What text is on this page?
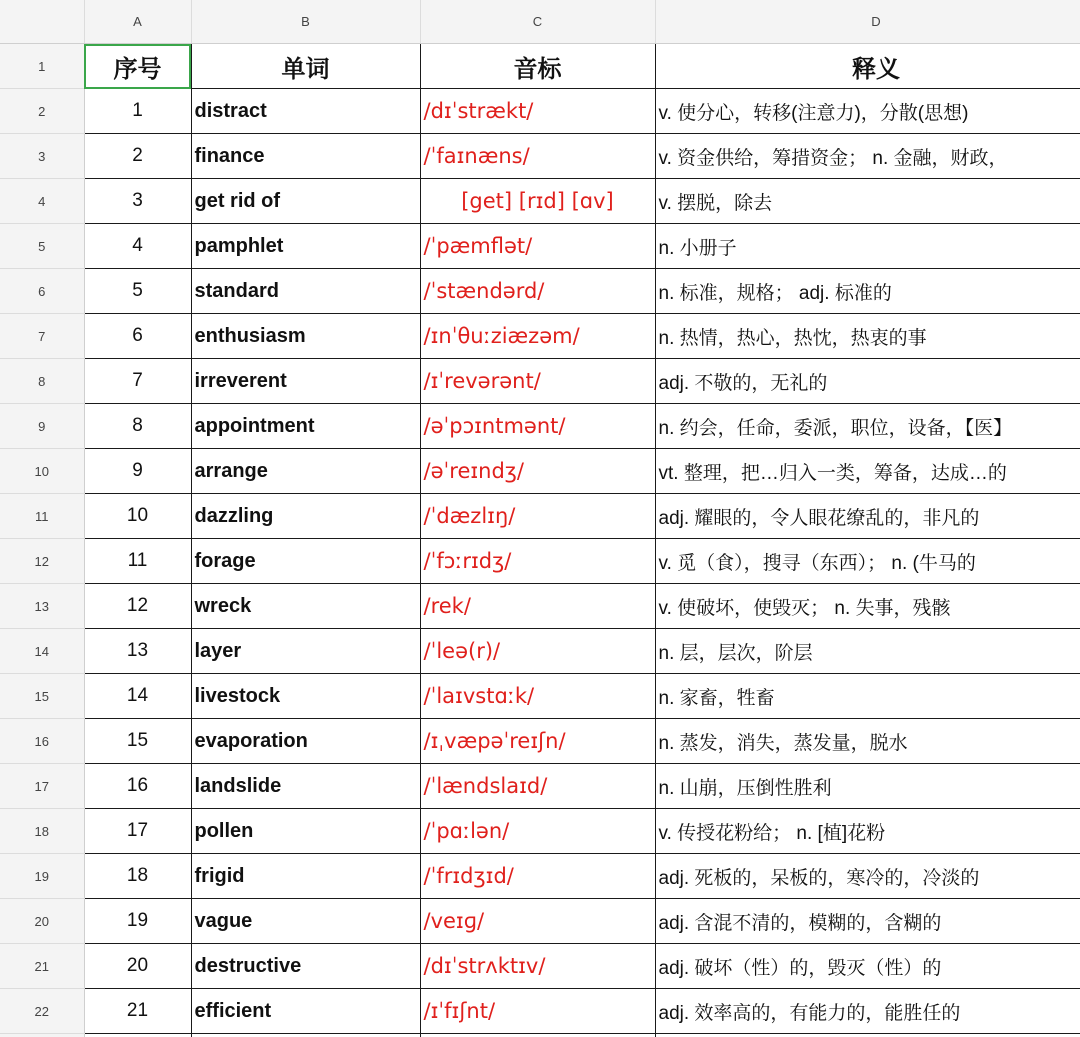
	A	B	C	D
1	序号	单词	音标	释义
2	1	distract	/dɪˈstrækt/	v. 使分心，转移(注意力)，分散(思想)
3	2	finance	/ˈfaɪnæns/	v. 资金供给，筹措资金； n. 金融，财政，
4	3	get rid of	[get] [rɪd] [ɑv]	v. 摆脱，除去
5	4	pamphlet	/ˈpæmflət/	n. 小册子
6	5	standard	/ˈstændərd/	n. 标准，规格； adj. 标准的
7	6	enthusiasm	/ɪnˈθuːziæzəm/	n. 热情，热心，热忱，热衷的事
8	7	irreverent	/ɪˈrevərənt/	adj. 不敬的，无礼的
9	8	appointment	/əˈpɔɪntmənt/	n. 约会，任命，委派，职位，设备，【医】
10	9	arrange	/əˈreɪndʒ/	vt. 整理，把…归入一类，筹备，达成…的
11	10	dazzling	/ˈdæzlɪŋ/	adj. 耀眼的，令人眼花缭乱的，非凡的
12	11	forage	/ˈfɔːrɪdʒ/	v. 觅（食），搜寻（东西）； n. (牛马的
13	12	wreck	/rek/	v. 使破坏，使毁灭； n. 失事，残骸
14	13	layer	/ˈleə(r)/	n. 层，层次，阶层
15	14	livestock	/ˈlaɪvstɑːk/	n. 家畜，牲畜
16	15	evaporation	/ɪˌvæpəˈreɪʃn/	n. 蒸发，消失，蒸发量，脱水
17	16	landslide	/ˈlændslaɪd/	n. 山崩，压倒性胜利
18	17	pollen	/ˈpɑːlən/	v. 传授花粉给； n. [植]花粉
19	18	frigid	/ˈfrɪdʒɪd/	adj. 死板的，呆板的，寒冷的，冷淡的
20	19	vague	/veɪɡ/	adj. 含混不清的，模糊的，含糊的
21	20	destructive	/dɪˈstrʌktɪv/	adj. 破坏（性）的，毁灭（性）的
22	21	efficient	/ɪˈfɪʃnt/	adj. 效率高的，有能力的，能胜任的
